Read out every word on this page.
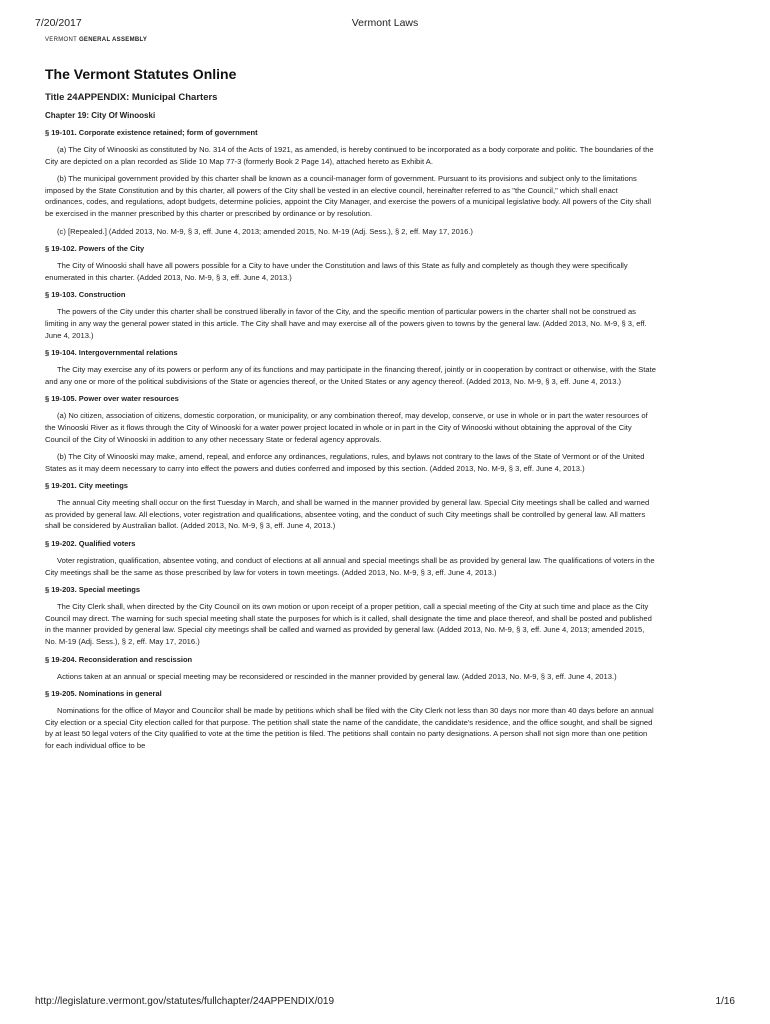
7/20/2017	Vermont Laws
VERMONT GENERAL ASSEMBLY
The Vermont Statutes Online
Title 24APPENDIX: Municipal Charters
Chapter 19: City Of Winooski
§ 19-101. Corporate existence retained; form of government

(a) The City of Winooski as constituted by No. 314 of the Acts of 1921, as amended, is hereby continued to be incorporated as a body corporate and politic. The boundaries of the City are depicted on a plan recorded as Slide 10 Map 77-3 (formerly Book 2 Page 14), attached hereto as Exhibit A.

(b) The municipal government provided by this charter shall be known as a council-manager form of government. Pursuant to its provisions and subject only to the limitations imposed by the State Constitution and by this charter, all powers of the City shall be vested in an elective council, hereinafter referred to as "the Council," which shall enact ordinances, codes, and regulations, adopt budgets, determine policies, appoint the City Manager, and exercise the powers of a municipal legislative body. All powers of the City shall be exercised in the manner prescribed by this charter or prescribed by ordinance or by resolution.

(c) [Repealed.] (Added 2013, No. M-9, § 3, eff. June 4, 2013; amended 2015, No. M-19 (Adj. Sess.), § 2, eff. May 17, 2016.)

§ 19-102. Powers of the City

The City of Winooski shall have all powers possible for a City to have under the Constitution and laws of this State as fully and completely as though they were specifically enumerated in this charter. (Added 2013, No. M-9, § 3, eff. June 4, 2013.)

§ 19-103. Construction

The powers of the City under this charter shall be construed liberally in favor of the City, and the specific mention of particular powers in the charter shall not be construed as limiting in any way the general power stated in this article. The City shall have and may exercise all of the powers given to towns by the general law. (Added 2013, No. M-9, § 3, eff. June 4, 2013.)

§ 19-104. Intergovernmental relations

The City may exercise any of its powers or perform any of its functions and may participate in the financing thereof, jointly or in cooperation by contract or otherwise, with the State and any one or more of the political subdivisions of the State or agencies thereof, or the United States or any agency thereof. (Added 2013, No. M-9, § 3, eff. June 4, 2013.)

§ 19-105. Power over water resources

(a) No citizen, association of citizens, domestic corporation, or municipality, or any combination thereof, may develop, conserve, or use in whole or in part the water resources of the Winooski River as it flows through the City of Winooski for a water power project located in whole or in part in the City of Winooski without obtaining the approval of the City Council of the City of Winooski in addition to any other necessary State or federal agency approvals.

(b) The City of Winooski may make, amend, repeal, and enforce any ordinances, regulations, rules, and bylaws not contrary to the laws of the State of Vermont or of the United States as it may deem necessary to carry into effect the powers and duties conferred and imposed by this section. (Added 2013, No. M-9, § 3, eff. June 4, 2013.)

§ 19-201. City meetings

The annual City meeting shall occur on the first Tuesday in March, and shall be warned in the manner provided by general law. Special City meetings shall be called and warned as provided by general law. All elections, voter registration and qualifications, absentee voting, and the conduct of such City meetings shall be controlled by general law. All matters shall be considered by Australian ballot. (Added 2013, No. M-9, § 3, eff. June 4, 2013.)

§ 19-202. Qualified voters

Voter registration, qualification, absentee voting, and conduct of elections at all annual and special meetings shall be as provided by general law. The qualifications of voters in the City meetings shall be the same as those prescribed by law for voters in town meetings. (Added 2013, No. M-9, § 3, eff. June 4, 2013.)

§ 19-203. Special meetings

The City Clerk shall, when directed by the City Council on its own motion or upon receipt of a proper petition, call a special meeting of the City at such time and place as the City Council may direct. The warning for such special meeting shall state the purposes for which is it called, shall designate the time and place thereof, and shall be posted and published in the manner provided by general law. Special city meetings shall be called and warned as provided by general law. (Added 2013, No. M-9, § 3, eff. June 4, 2013; amended 2015, No. M-19 (Adj. Sess.), § 2, eff. May 17, 2016.)

§ 19-204. Reconsideration and rescission

Actions taken at an annual or special meeting may be reconsidered or rescinded in the manner provided by general law. (Added 2013, No. M-9, § 3, eff. June 4, 2013.)

§ 19-205. Nominations in general

Nominations for the office of Mayor and Councilor shall be made by petitions which shall be filed with the City Clerk not less than 30 days nor more than 40 days before an annual City election or a special City election called for that purpose. The petition shall state the name of the candidate, the candidate's residence, and the office sought, and shall be signed by at least 50 legal voters of the City qualified to vote at the time the petition is filed. The petitions shall contain no party designations. A person shall not sign more than one petition for each individual office to be

http://legislature.vermont.gov/statutes/fullchapter/24APPENDIX/019	1/16
